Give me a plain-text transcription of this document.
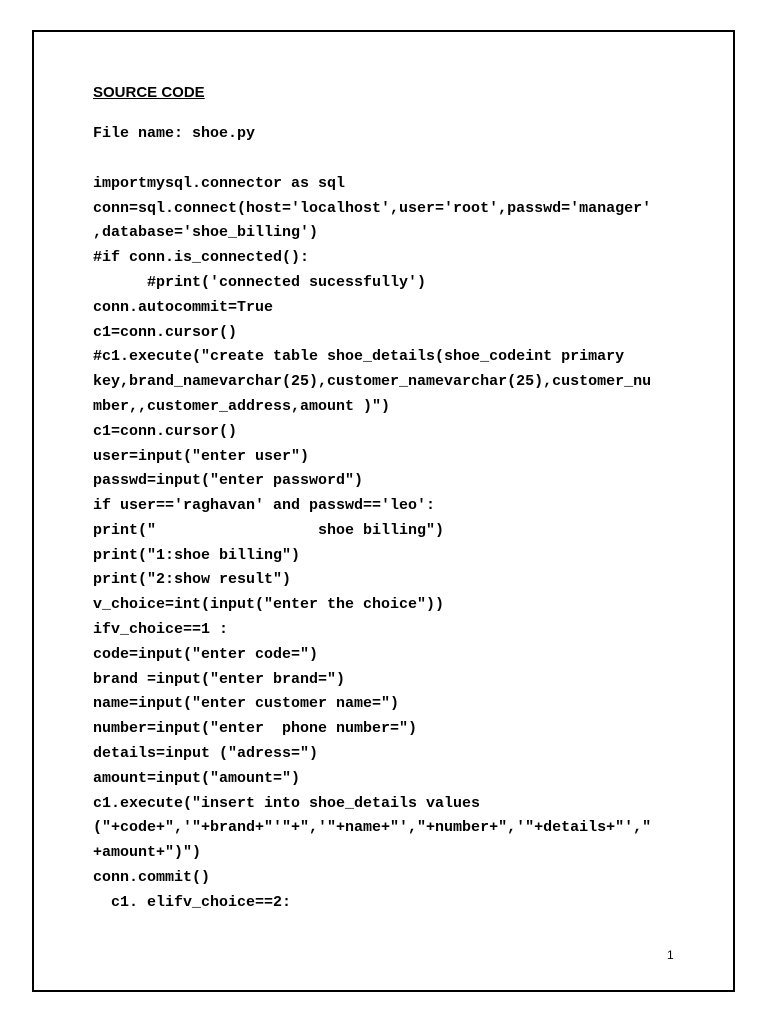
SOURCE CODE
File name: shoe.py
importmysql.connector as sql
conn=sql.connect(host='localhost',user='root',passwd='manager'
,database='shoe_billing')
#if conn.is_connected():
#print('connected sucessfully')
conn.autocommit=True
c1=conn.cursor()
#c1.execute("create table shoe_details(shoe_codeint primary
key,brand_namevarchar(25),customer_namevarchar(25),customer_nu
mber,,customer_address,amount )")
c1=conn.cursor()
user=input("enter user")
passwd=input("enter password")
if user=='raghavan' and passwd=='leo':
print("                  shoe billing")
print("1:shoe billing")
print("2:show result")
v_choice=int(input("enter the choice"))
ifv_choice==1 :
code=input("enter code=")
brand =input("enter brand=")
name=input("enter customer name=")
number=input("enter  phone number=")
details=input ("adress=")
amount=input("amount=")
c1.execute("insert into shoe_details values
("+code+",'"+brand+"'"+",'"+name+"',"+number+",'"+details+"',"
+amount+")")
conn.commit()
c1. elifv_choice==2:
1
